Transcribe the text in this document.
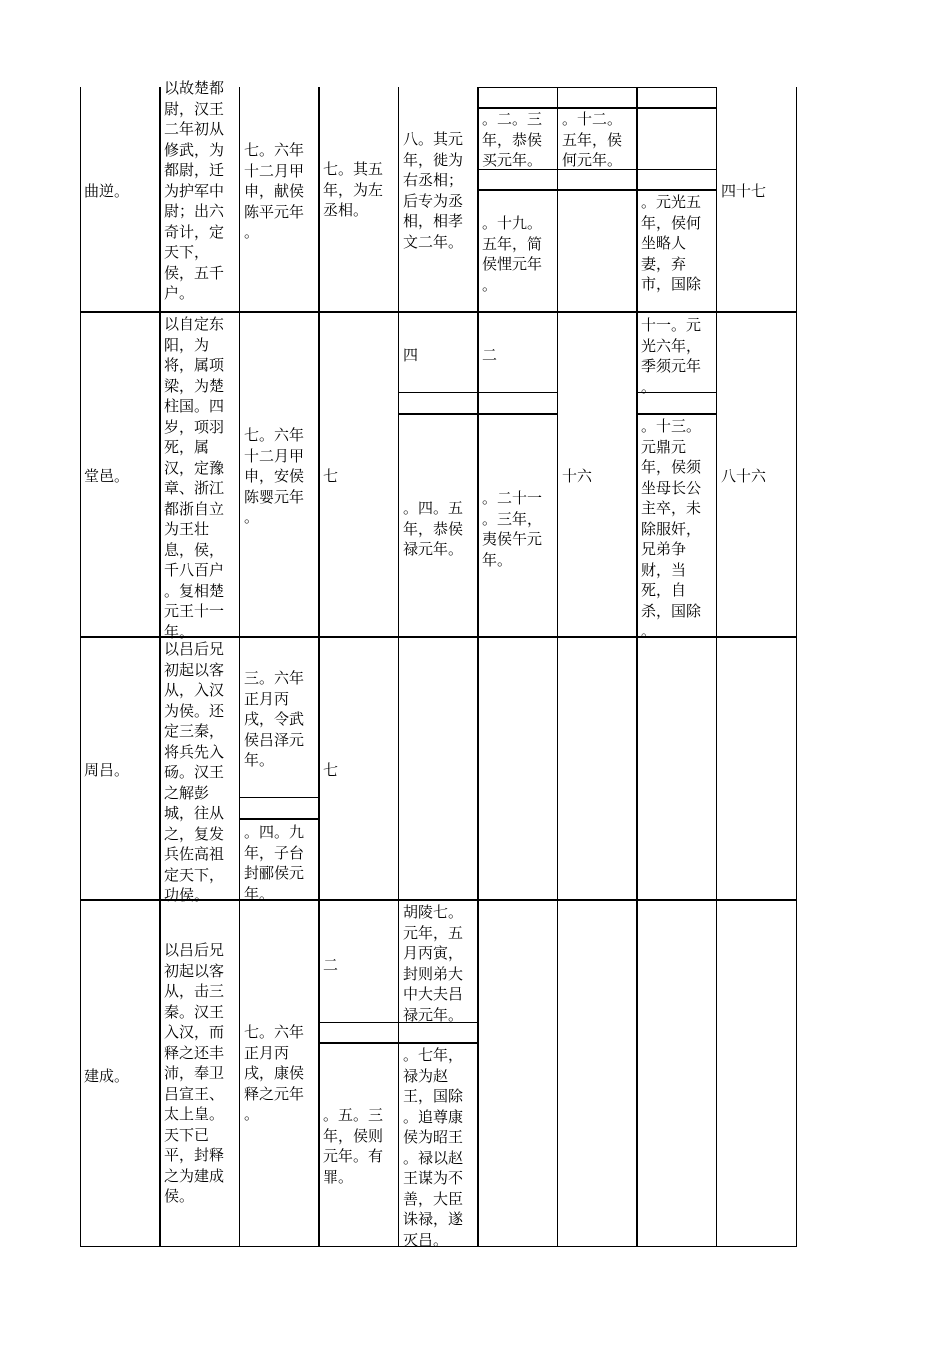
曲逆。
以故楚都
尉，汉王
二年初从
修武，为
都尉，迁
为护军中
尉；出六
奇计，定
天下，
侯，五千
户。
七。六年
十二月甲
申，献侯
陈平元年
。
七。其五
年，为左
丞相。
八。其元
年，徙为
右丞相；
后专为丞
相，相孝
文二年。
。二。三
年，恭侯
买元年。
。十九。
五年，简
侯悝元年
。
。十二。
五年，侯
何元年。
。元光五
年，侯何
坐略人
妻，弃
市，国除
四十七
堂邑。
以自定东
阳，为
将，属项
梁，为楚
柱国。四
岁，项羽
死，属
汉，定豫
章、浙江
都浙自立
为王壮
息，侯，
千八百户
。复相楚
元王十一
年。
七。六年
十二月甲
申，安侯
陈婴元年
。
七
四
。四。五
年，恭侯
禄元年。
二
。二十一
。三年，
夷侯午元
年。
十六
十一。元
光六年，
季须元年
。
。十三。
元鼎元
年，侯须
坐母长公
主卒，未
除服奸，
兄弟争
财，当
死，自
杀，国除
。
八十六
周吕。
以吕后兄
初起以客
从，入汉
为侯。还
定三秦，
将兵先入
砀。汉王
之解彭
城，往从
之，复发
兵佐高祖
定天下，
功侯。
三。六年
正月丙
戌，令武
侯吕泽元
年。
。四。九
年，子台
封郦侯元
年。
七
建成。
以吕后兄
初起以客
从，击三
秦。汉王
入汉，而
释之还丰
沛，奉卫
吕宣王、
太上皇。
天下已
平，封释
之为建成
侯。
七。六年
正月丙
戌，康侯
释之元年
。
二
。五。三
年，侯则
元年。有
罪。
胡陵七。
元年，五
月丙寅，
封则弟大
中大夫吕
禄元年。
。七年，
禄为赵
王，国除
。追尊康
侯为昭王
。禄以赵
王谋为不
善，大臣
诛禄，遂
灭吕。
